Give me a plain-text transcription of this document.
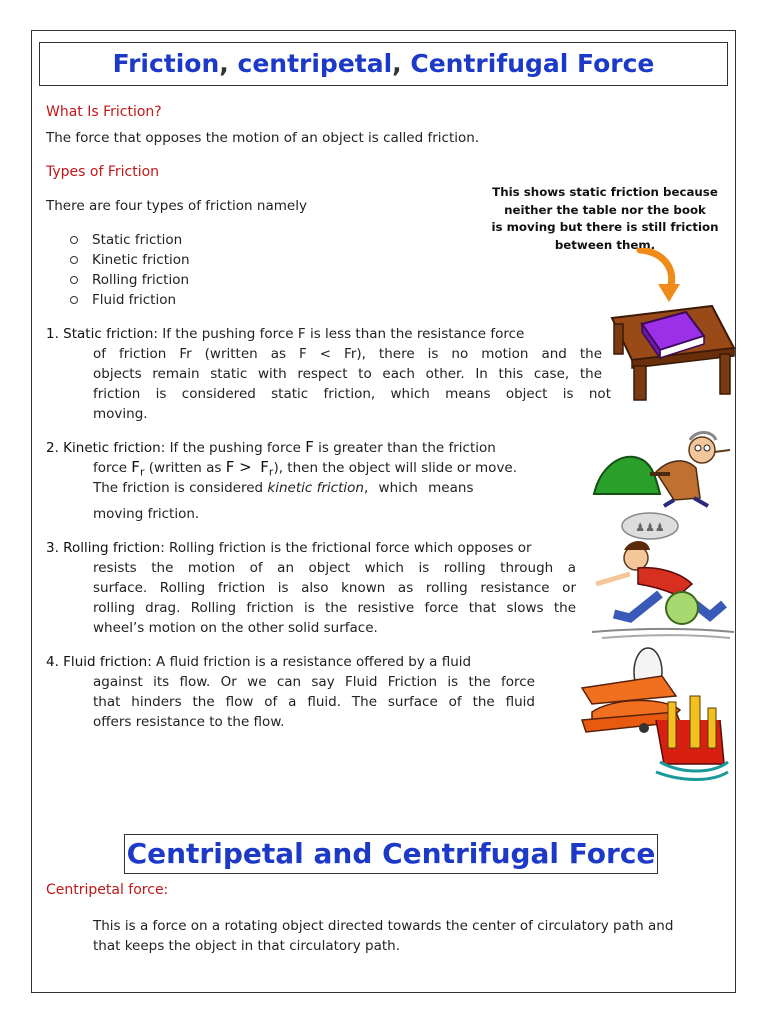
Friction, centripetal, Centrifugal Force
What Is Friction?
The force that opposes the motion of an object is called friction.
Types of Friction
There are four types of friction namely
Static friction
Kinetic friction
Rolling friction
Fluid friction
This shows static friction because
neither the table nor the book
is moving but there is still friction
between them.
1. Static friction: If the pushing force F is less than the resistance force
of friction Fr (written as F < Fr), there is no motion and the
objects remain static with respect to each other. In this case, the
friction is considered static friction, which means object is not
moving.
2. Kinetic friction: If the pushing force F is greater than the friction
force $F_r$ (written as $F > F_r$), then the object will slide or move.
The friction is considered kinetic friction, which means
moving friction.
♟♟♟
3. Rolling friction: Rolling friction is the frictional force which opposes or
resists the motion of an object which is rolling through a
surface. Rolling friction is also known as rolling resistance or
rolling drag. Rolling friction is the resistive force that slows the
wheel’s motion on the other solid surface.
4. Fluid friction: A fluid friction is a resistance offered by a fluid
against its flow. Or we can say Fluid Friction is the force
that hinders the flow of a fluid. The surface of the fluid
offers resistance to the flow.
Centripetal and Centrifugal Force
Centripetal force:
This is a force on a rotating object directed towards the center of circulatory path and
that keeps the object in that circulatory path.
